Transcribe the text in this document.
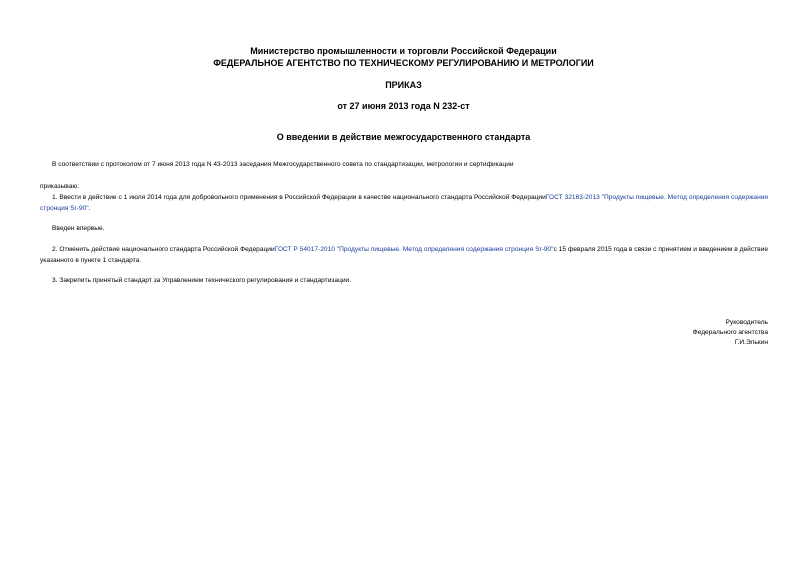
Министерство промышленности и торговли Российской Федерации
ФЕДЕРАЛЬНОЕ АГЕНТСТВО ПО ТЕХНИЧЕСКОМУ РЕГУЛИРОВАНИЮ И МЕТРОЛОГИИ
ПРИКАЗ
от 27 июня 2013 года N 232-ст
О введении в действие межгосударственного стандарта
В соответствии с протоколом от 7 июня 2013 года N 43-2013 заседания Межгосударственного совета по стандартизации, метрологии и сертификации
приказываю:
1. Ввести в действие с 1 июля 2014 года для добровольного применения в Российской Федерации в качестве национального стандарта Российской ФедерацииГОСТ 32163-2013 "Продукты пищевые. Метод определения содержания стронция Sr-90".
Введен впервые.
2. Отменить действие национального стандарта Российской ФедерацииГОСТ Р 54017-2010 "Продукты пищевые. Метод определения содержания стронция Sr-90"с 15 февраля 2015 года в связи с принятием и введением в действие указанного в пункте 1 стандарта.
3. Закрепить принятый стандарт за Управлением технического регулирования и стандартизации.
Руководитель
Федерального агентства
Г.И.Элькин
